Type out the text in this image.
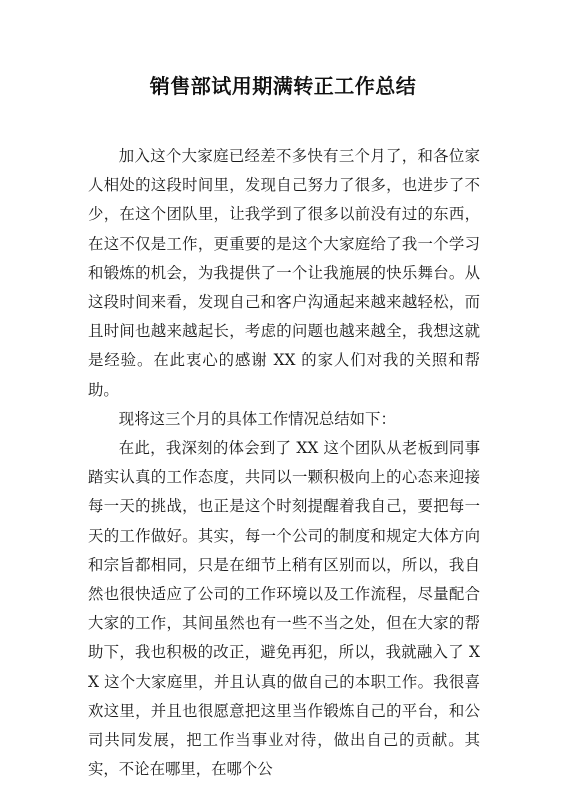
销售部试用期满转正工作总结

加入这个大家庭已经差不多快有三个月了，和各位家人相处的这段时间里，发现自己努力了很多，也进步了不少，在这个团队里，让我学到了很多以前没有过的东西，在这不仅是工作，更重要的是这个大家庭给了我一个学习和锻炼的机会，为我提供了一个让我施展的快乐舞台。从这段时间来看，发现自己和客户沟通起来越来越轻松，而且时间也越来越起长，考虑的问题也越来越全，我想这就是经验。在此衷心的感谢 XX 的家人们对我的关照和帮助。

现将这三个月的具体工作情况总结如下：

在此，我深刻的体会到了 XX 这个团队从老板到同事踏实认真的工作态度，共同以一颗积极向上的心态来迎接每一天的挑战，也正是这个时刻提醒着我自己，要把每一天的工作做好。其实，每一个公司的制度和规定大体方向和宗旨都相同，只是在细节上稍有区别而以，所以，我自然也很快适应了公司的工作环境以及工作流程，尽量配合大家的工作，其间虽然也有一些不当之处，但在大家的帮助下，我也积极的改正，避免再犯，所以，我就融入了 XX 这个大家庭里，并且认真的做自己的本职工作。我很喜欢这里，并且也很愿意把这里当作锻炼自己的平台，和公司共同发展，把工作当事业对待，做出自己的贡献。其实，不论在哪里，在哪个公
